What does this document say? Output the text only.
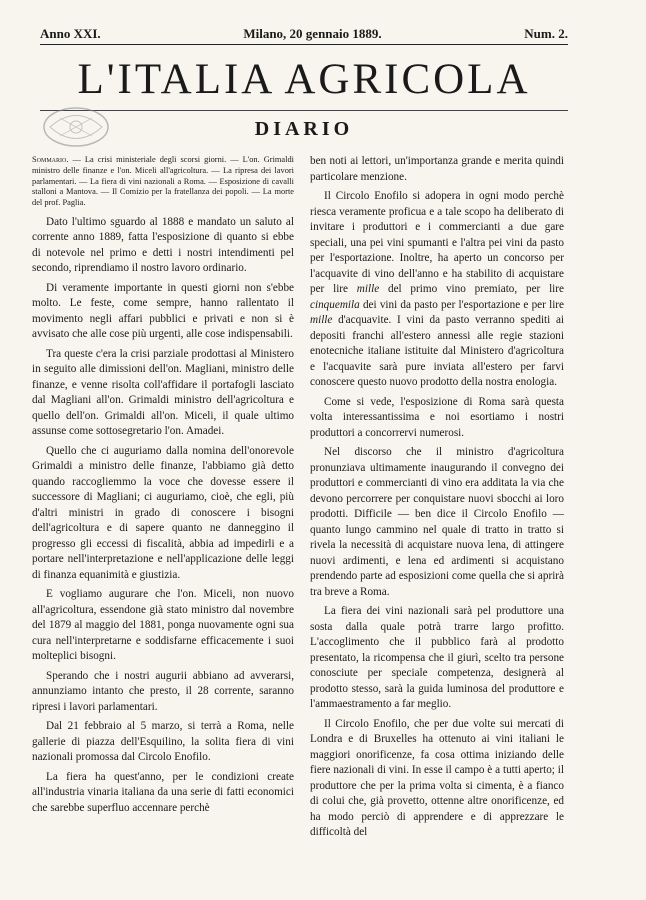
Anno XXI.	Milano, 20 gennaio 1889.	Num. 2.
L'ITALIA AGRICOLA
DIARIO
Sommario. — La crisi ministeriale degli scorsi giorni. — L'on. Grimaldi ministro delle finanze e l'on. Miceli all'agricoltura. — La ripresa dei lavori parlamentari. — La fiera di vini nazionali a Roma. — Esposizione di cavalli stalloni a Mantova. — Il Comizio per la fratellanza dei popoli. — La morte del prof. Paglia.

Dato l'ultimo sguardo al 1888 e mandato un saluto al corrente anno 1889, fatta l'esposizione di quanto si ebbe di notevole nel primo e detti i nostri intendimenti pel secondo, riprendiamo il nostro lavoro ordinario.

Di veramente importante in questi giorni non s'ebbe molto. Le feste, come sempre, hanno rallentato il movimento negli affari pubblici e privati e non si è avvisato che alle cose più urgenti, alle cose indispensabili.

Tra queste c'era la crisi parziale prodottasi al Ministero in seguito alle dimissioni dell'on. Magliani, ministro delle finanze, e venne risolta coll'affidare il portafogli lasciato dal Magliani all'on. Grimaldi ministro dell'agricoltura e quello dell'on. Grimaldi all'on. Miceli, il quale ultimo assunse come sottosegretario l'on. Amadei.

Quello che ci auguriamo dalla nomina dell'onorevole Grimaldi a ministro delle finanze, l'abbiamo già detto quando raccogliemmo la voce che dovesse essere il successore di Magliani; ci auguriamo, cioè, che egli, più d'altri ministri in grado di conoscere i bisogni dell'agricoltura e di sapere quanto ne danneggino il progresso gli eccessi di fiscalità, abbia ad impedirli e a portare nell'interpretazione e nell'applicazione delle leggi di finanza equanimità e giustizia.

E vogliamo augurare che l'on. Miceli, non nuovo all'agricoltura, essendone già stato ministro dal novembre del 1879 al maggio del 1881, ponga nuovamente ogni sua cura nell'interpretarne e soddisfarne efficacemente i suoi molteplici bisogni.

Sperando che i nostri augurii abbiano ad avverarsi, annunziamo intanto che presto, il 28 corrente, saranno ripresi i lavori parlamentari.

Dal 21 febbraio al 5 marzo, si terrà a Roma, nelle gallerie di piazza dell'Esquilino, la solita fiera di vini nazionali promossa dal Circolo Enofilo.

La fiera ha quest'anno, per le condizioni create all'industria vinaria italiana da una serie di fatti economici che sarebbe superfluo accennare perchè

ben noti ai lettori, un'importanza grande e merita quindi particolare menzione.

Il Circolo Enofilo si adopera in ogni modo perchè riesca veramente proficua e a tale scopo ha deliberato di invitare i produttori e i commercianti a due gare speciali, una pei vini spumanti e l'altra pei vini da pasto per l'esportazione. Inoltre, ha aperto un concorso per l'acquavite di vino dell'anno e ha stabilito di acquistare per lire mille del primo vino premiato, per lire cinquemila dei vini da pasto per l'esportazione e per lire mille d'acquavite. I vini da pasto verranno spediti ai depositi franchi all'estero annessi alle regie stazioni enotecniche italiane istituite dal Ministero d'agricoltura e l'acquavite sarà pure inviata all'estero per farvi conoscere questo nuovo prodotto della nostra enologia.

Come si vede, l'esposizione di Roma sarà questa volta interessantissima e noi esortiamo i nostri produttori a concorrervi numerosi.

Nel discorso che il ministro d'agricoltura pronunziava ultimamente inaugurando il convegno dei produttori e commercianti di vino era additata la via che devono percorrere per conquistare nuovi sbocchi ai loro prodotti. Difficile — ben dice il Circolo Enofilo — quanto lungo cammino nel quale di tratto in tratto si rivela la necessità di acquistare nuova lena, di attingere nuovi ardimenti, e lena ed ardimenti si acquistano prendendo parte ad esposizioni come quella che si aprirà tra breve a Roma.

La fiera dei vini nazionali sarà pel produttore una sosta dalla quale potrà trarre largo profitto. L'accoglimento che il pubblico farà al prodotto presentato, la ricompensa che il giurì, scelto tra persone conosciute per speciale competenza, designerà al prodotto stesso, sarà la guida luminosa del produttore e l'ammaestramento a far meglio.

Il Circolo Enofilo, che per due volte sui mercati di Londra e di Bruxelles ha ottenuto ai vini italiani le maggiori onorificenze, fa cosa ottima iniziando delle fiere nazionali di vini. In esse il campo è a tutti aperto; il produttore che per la prima volta si cimenta, è a fianco di colui che, già provetto, ottenne altre onorificenze, ed ha modo perciò di apprendere e di apprezzare le difficoltà del
